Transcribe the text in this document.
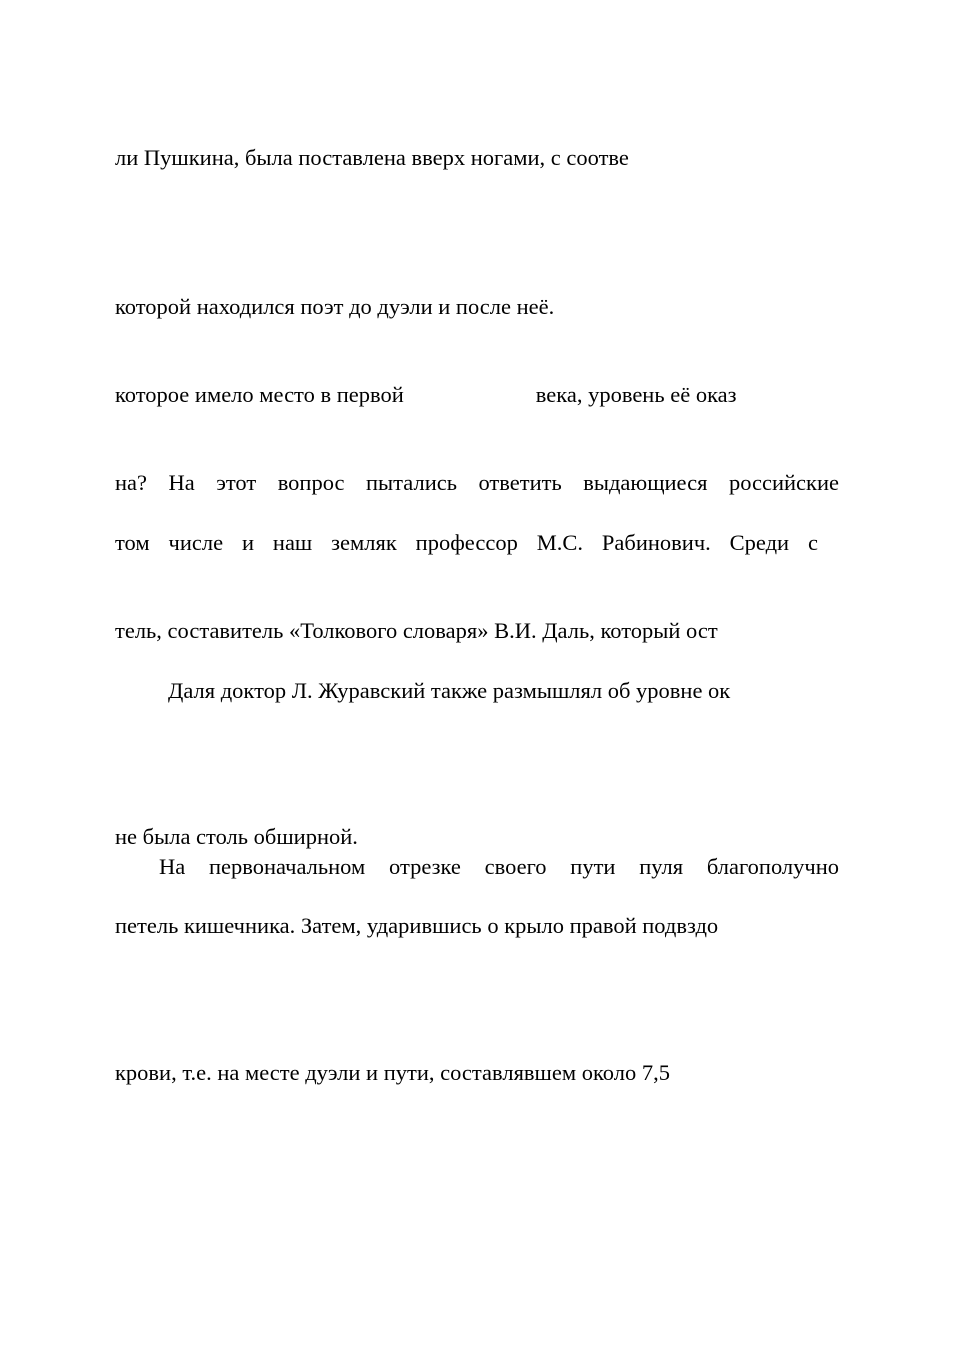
ли Пушкина, была поставлена вверх ногами, с соотве
которой находился поэт до дуэли и после неё.
которое имело место в первой	века, уровень её оказ
на? На этот вопрос пытались ответить выдающиеся российские
том числе и наш земляк профессор М.С. Рабинович. Среди с
тель, составитель «Толкового словаря» В.И. Даль, который ост
Даля доктор Л. Журавский также размышлял об уровне ок
не была столь обширной.
На первоначальном отрезке своего пути пуля благополучно
петель кишечника. Затем, ударившись о крыло правой подвздо
крови, т.е. на месте дуэли и пути, составлявшем около 7,5
